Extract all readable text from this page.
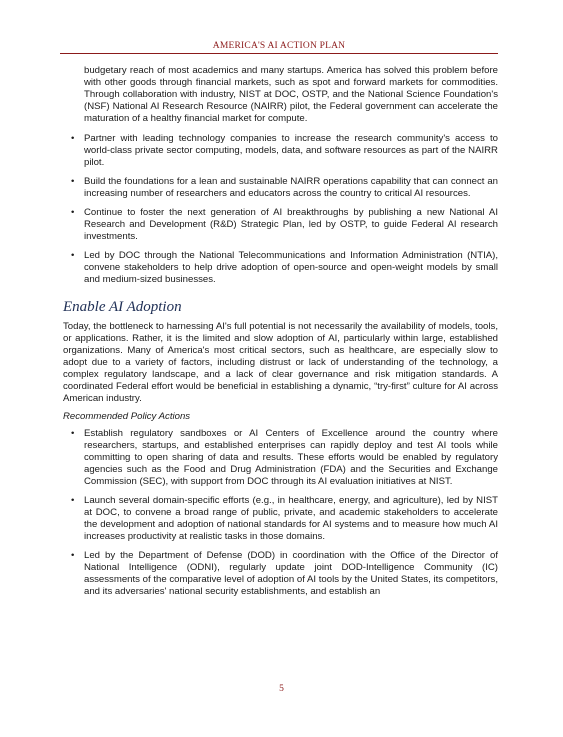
AMERICA'S AI ACTION PLAN

budgetary reach of most academics and many startups. America has solved this problem before with other goods through financial markets, such as spot and forward markets for commodities. Through collaboration with industry, NIST at DOC, OSTP, and the National Science Foundation's (NSF) National AI Research Resource (NAIRR) pilot, the Federal government can accelerate the maturation of a healthy financial market for compute.

• Partner with leading technology companies to increase the research community's access to world-class private sector computing, models, data, and software resources as part of the NAIRR pilot.
• Build the foundations for a lean and sustainable NAIRR operations capability that can connect an increasing number of researchers and educators across the country to critical AI resources.
• Continue to foster the next generation of AI breakthroughs by publishing a new National AI Research and Development (R&D) Strategic Plan, led by OSTP, to guide Federal AI research investments.
• Led by DOC through the National Telecommunications and Information Administration (NTIA), convene stakeholders to help drive adoption of open-source and open-weight models by small and medium-sized businesses.
Enable AI Adoption

Today, the bottleneck to harnessing AI's full potential is not necessarily the availability of models, tools, or applications. Rather, it is the limited and slow adoption of AI, particularly within large, established organizations. Many of America's most critical sectors, such as healthcare, are especially slow to adopt due to a variety of factors, including distrust or lack of understanding of the technology, a complex regulatory landscape, and a lack of clear governance and risk mitigation standards. A coordinated Federal effort would be beneficial in establishing a dynamic, “try-first” culture for AI across American industry.

Recommended Policy Actions

• Establish regulatory sandboxes or AI Centers of Excellence around the country where researchers, startups, and established enterprises can rapidly deploy and test AI tools while committing to open sharing of data and results. These efforts would be enabled by regulatory agencies such as the Food and Drug Administration (FDA) and the Securities and Exchange Commission (SEC), with support from DOC through its AI evaluation initiatives at NIST.
• Launch several domain-specific efforts (e.g., in healthcare, energy, and agriculture), led by NIST at DOC, to convene a broad range of public, private, and academic stakeholders to accelerate the development and adoption of national standards for AI systems and to measure how much AI increases productivity at realistic tasks in those domains.
• Led by the Department of Defense (DOD) in coordination with the Office of the Director of National Intelligence (ODNI), regularly update joint DOD-Intelligence Community (IC) assessments of the comparative level of adoption of AI tools by the United States, its competitors, and its adversaries' national security establishments, and establish an
5
